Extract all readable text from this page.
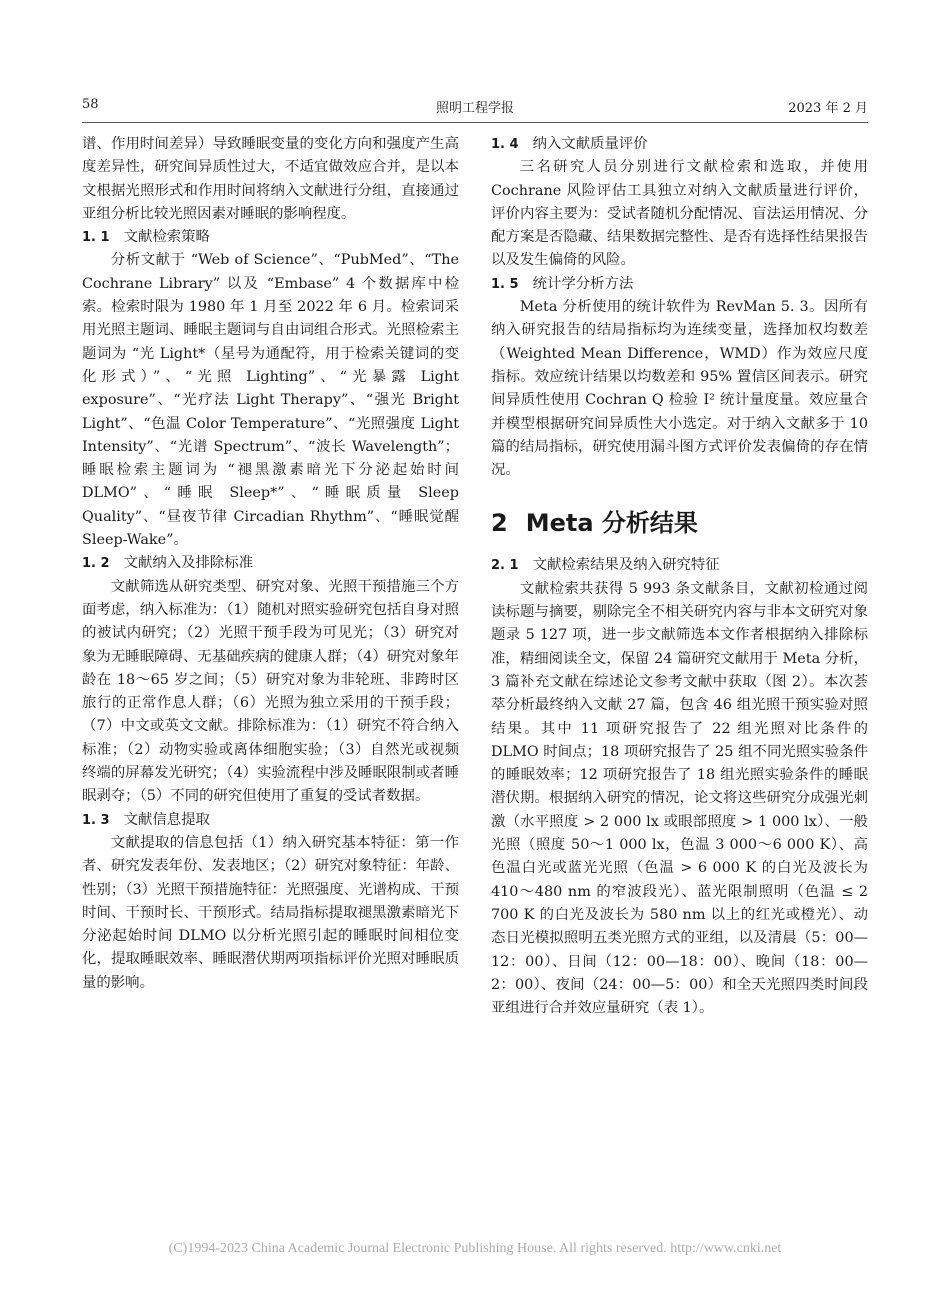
58	照明工程学报	2023 年 2 月

谱、作用时间差异）导致睡眠变量的变化方向和强度产生高度差异性，研究间异质性过大，不适宜做效应合并，是以本文根据光照形式和作用时间将纳入文献进行分组，直接通过亚组分析比较光照因素对睡眠的影响程度。

1. 1 文献检索策略

分析文献于 “Web of Science”、“PubMed”、“The Cochrane Library” 以及 “Embase” 4 个数据库中检索。检索时限为 1980 年 1 月至 2022 年 6 月。检索词采用光照主题词、睡眠主题词与自由词组合形式。光照检索主题词为 “光 Light*（星号为通配符，用于检索关键词的变化形式）”、“光照 Lighting”、“光暴露 Light exposure”、“光疗法 Light Therapy”、“强光 Bright Light”、“色温 Color Temperature”、“光照强度 Light Intensity”、“光谱 Spectrum”、“波长 Wavelength”；睡眠检索主题词为 “褪黑激素暗光下分泌起始时间 DLMO”、“睡眠 Sleep*”、“睡眠质量 Sleep Quality”、“昼夜节律 Circadian Rhythm”、“睡眠觉醒 Sleep-Wake”。

1. 2 文献纳入及排除标准

文献筛选从研究类型、研究对象、光照干预措施三个方面考虑，纳入标准为：（1）随机对照实验研究包括自身对照的被试内研究；（2）光照干预手段为可见光；（3）研究对象为无睡眠障碍、无基础疾病的健康人群；（4）研究对象年龄在 18～65 岁之间；（5）研究对象为非轮班、非跨时区旅行的正常作息人群；（6）光照为独立采用的干预手段；（7）中文或英文文献。排除标准为：（1）研究不符合纳入标准；（2）动物实验或离体细胞实验；（3）自然光或视频终端的屏幕发光研究；（4）实验流程中涉及睡眠限制或者睡眠剥夺；（5）不同的研究但使用了重复的受试者数据。

1. 3 文献信息提取

文献提取的信息包括（1）纳入研究基本特征：第一作者、研究发表年份、发表地区；（2）研究对象特征：年龄、性别；（3）光照干预措施特征：光照强度、光谱构成、干预时间、干预时长、干预形式。结局指标提取褪黑激素暗光下分泌起始时间 DLMO 以分析光照引起的睡眠时间相位变化，提取睡眠效率、睡眠潜伏期两项指标评价光照对睡眠质量的影响。

1. 4 纳入文献质量评价

三名研究人员分别进行文献检索和选取，并使用 Cochrane 风险评估工具独立对纳入文献质量进行评价，评价内容主要为：受试者随机分配情况、盲法运用情况、分配方案是否隐藏、结果数据完整性、是否有选择性结果报告以及发生偏倚的风险。

1. 5 统计学分析方法

Meta 分析使用的统计软件为 RevMan 5. 3。因所有纳入研究报告的结局指标均为连续变量，选择加权均数差（Weighted Mean Difference，WMD）作为效应尺度指标。效应统计结果以均数差和 95% 置信区间表示。研究间异质性使用 Cochran Q 检验 I² 统计量度量。效应量合并模型根据研究间异质性大小选定。对于纳入文献多于 10 篇的结局指标，研究使用漏斗图方式评价发表偏倚的存在情况。

2 Meta 分析结果
2. 1 文献检索结果及纳入研究特征

文献检索共获得 5 993 条文献条目，文献初检通过阅读标题与摘要，剔除完全不相关研究内容与非本文研究对象题录 5 127 项，进一步文献筛选本文作者根据纳入排除标准，精细阅读全文，保留 24 篇研究文献用于 Meta 分析，3 篇补充文献在综述论文参考文献中获取（图 2）。本次荟萃分析最终纳入文献 27 篇，包含 46 组光照干预实验对照结果。其中 11 项研究报告了 22 组光照对比条件的 DLMO 时间点；18 项研究报告了 25 组不同光照实验条件的睡眠效率；12 项研究报告了 18 组光照实验条件的睡眠潜伏期。根据纳入研究的情况，论文将这些研究分成强光刺激（水平照度 > 2 000 lx 或眼部照度 > 1 000 lx）、一般光照（照度 50～1 000 lx，色温 3 000～6 000 K）、高色温白光或蓝光光照（色温 > 6 000 K 的白光及波长为 410～480 nm 的窄波段光）、蓝光限制照明（色温 ≤ 2 700 K 的白光及波长为 580 nm 以上的红光或橙光）、动态日光模拟照明五类光照方式的亚组，以及清晨（5：00—12：00）、日间（12：00—18：00）、晚间（18：00—2：00）、夜间（24：00—5：00）和全天光照四类时间段亚组进行合并效应量研究（表 1）。

(C)1994-2023 China Academic Journal Electronic Publishing House. All rights reserved. http://www.cnki.net
